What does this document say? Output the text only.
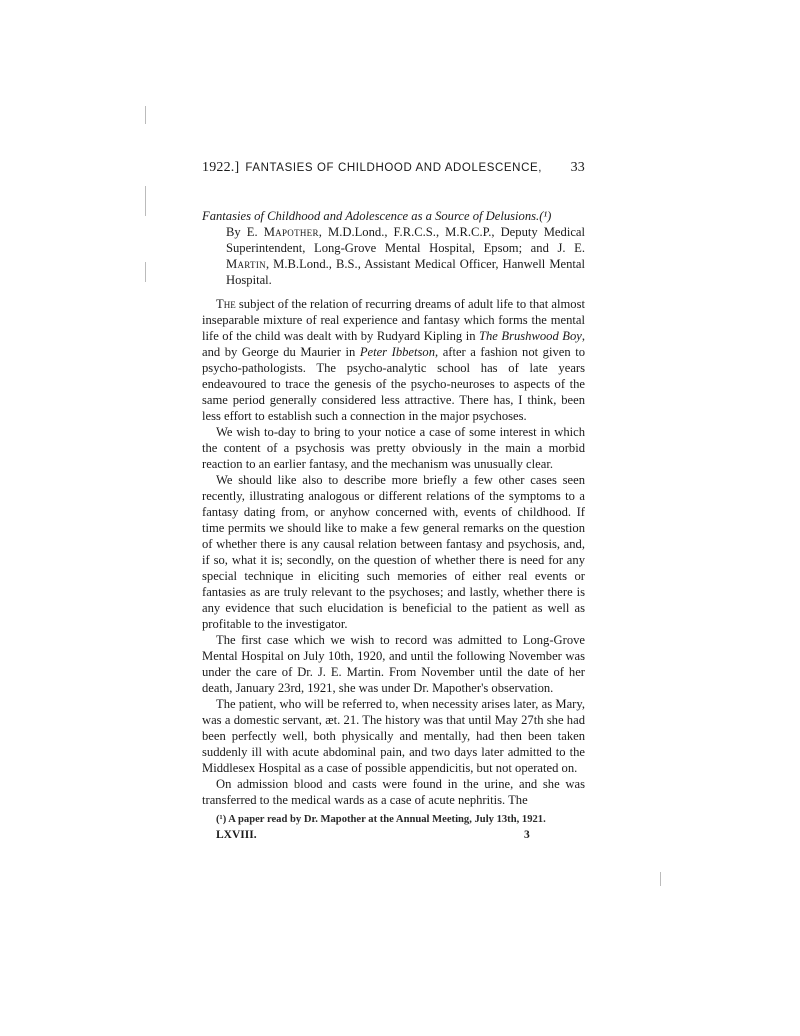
1922.] FANTASIES OF CHILDHOOD AND ADOLESCENCE,	33

Fantasies of Childhood and Adolescence as a Source of Delusions.(¹)

By E. Mapother, M.D.Lond., F.R.C.S., M.R.C.P., Deputy Medical Superintendent, Long-Grove Mental Hospital, Epsom; and J. E. Martin, M.B.Lond., B.S., Assistant Medical Officer, Hanwell Mental Hospital.

The subject of the relation of recurring dreams of adult life to that almost inseparable mixture of real experience and fantasy which forms the mental life of the child was dealt with by Rudyard Kipling in The Brushwood Boy, and by George du Maurier in Peter Ibbetson, after a fashion not given to psycho-pathologists. The psycho-analytic school has of late years endeavoured to trace the genesis of the psycho-neuroses to aspects of the same period generally considered less attractive. There has, I think, been less effort to establish such a connection in the major psychoses.

We wish to-day to bring to your notice a case of some interest in which the content of a psychosis was pretty obviously in the main a morbid reaction to an earlier fantasy, and the mechanism was unusually clear.

We should like also to describe more briefly a few other cases seen recently, illustrating analogous or different relations of the symptoms to a fantasy dating from, or anyhow concerned with, events of childhood. If time permits we should like to make a few general remarks on the question of whether there is any causal relation between fantasy and psychosis, and, if so, what it is; secondly, on the question of whether there is need for any special technique in eliciting such memories of either real events or fantasies as are truly relevant to the psychoses; and lastly, whether there is any evidence that such elucidation is beneficial to the patient as well as profitable to the investigator.

The first case which we wish to record was admitted to Long-Grove Mental Hospital on July 10th, 1920, and until the following November was under the care of Dr. J. E. Martin. From November until the date of her death, January 23rd, 1921, she was under Dr. Mapother's observation.

The patient, who will be referred to, when necessity arises later, as Mary, was a domestic servant, æt. 21. The history was that until May 27th she had been perfectly well, both physically and mentally, had then been taken suddenly ill with acute abdominal pain, and two days later admitted to the Middlesex Hospital as a case of possible appendicitis, but not operated on.

On admission blood and casts were found in the urine, and she was transferred to the medical wards as a case of acute nephritis. The

(¹) A paper read by Dr. Mapother at the Annual Meeting, July 13th, 1921.
LXVIII.	3
